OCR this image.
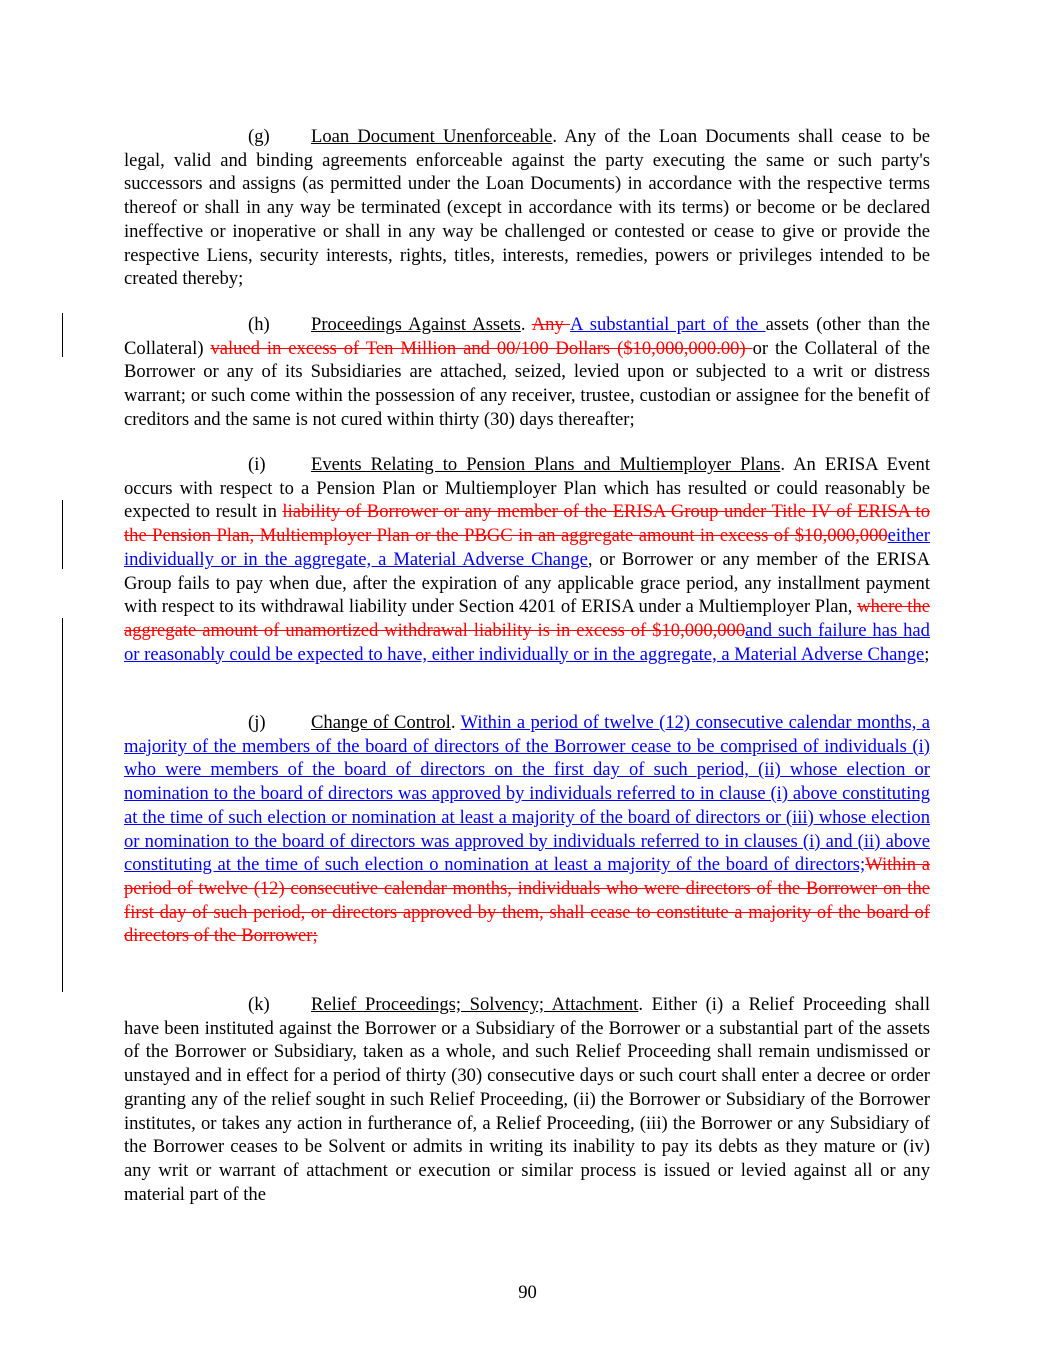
(g) Loan Document Unenforceable. Any of the Loan Documents shall cease to be legal, valid and binding agreements enforceable against the party executing the same or such party's successors and assigns (as permitted under the Loan Documents) in accordance with the respective terms thereof or shall in any way be terminated (except in accordance with its terms) or become or be declared ineffective or inoperative or shall in any way be challenged or contested or cease to give or provide the respective Liens, security interests, rights, titles, interests, remedies, powers or privileges intended to be created thereby;

(h) Proceedings Against Assets. Any A substantial part of the assets (other than the Collateral) valued in excess of Ten Million and 00/100 Dollars ($10,000,000.00) or the Collateral of the Borrower or any of its Subsidiaries are attached, seized, levied upon or subjected to a writ or distress warrant; or such come within the possession of any receiver, trustee, custodian or assignee for the benefit of creditors and the same is not cured within thirty (30) days thereafter;

(i) Events Relating to Pension Plans and Multiemployer Plans. An ERISA Event occurs with respect to a Pension Plan or Multiemployer Plan which has resulted or could reasonably be expected to result in liability of Borrower or any member of the ERISA Group under Title IV of ERISA to the Pension Plan, Multiemployer Plan or the PBGC in an aggregate amount in excess of $10,000,000either individually or in the aggregate, a Material Adverse Change, or Borrower or any member of the ERISA Group fails to pay when due, after the expiration of any applicable grace period, any installment payment with respect to its withdrawal liability under Section 4201 of ERISA under a Multiemployer Plan, where the aggregate amount of unamortized withdrawal liability is in excess of $10,000,000and such failure has had or reasonably could be expected to have, either individually or in the aggregate, a Material Adverse Change;

(j) Change of Control. Within a period of twelve (12) consecutive calendar months, a majority of the members of the board of directors of the Borrower cease to be comprised of individuals (i) who were members of the board of directors on the first day of such period, (ii) whose election or nomination to the board of directors was approved by individuals referred to in clause (i) above constituting at the time of such election or nomination at least a majority of the board of directors or (iii) whose election or nomination to the board of directors was approved by individuals referred to in clauses (i) and (ii) above constituting at the time of such election o nomination at least a majority of the board of directors;Within a period of twelve (12) consecutive calendar months, individuals who were directors of the Borrower on the first day of such period, or directors approved by them, shall cease to constitute a majority of the board of directors of the Borrower;

(k) Relief Proceedings; Solvency; Attachment. Either (i) a Relief Proceeding shall have been instituted against the Borrower or a Subsidiary of the Borrower or a substantial part of the assets of the Borrower or Subsidiary, taken as a whole, and such Relief Proceeding shall remain undismissed or unstayed and in effect for a period of thirty (30) consecutive days or such court shall enter a decree or order granting any of the relief sought in such Relief Proceeding, (ii) the Borrower or Subsidiary of the Borrower institutes, or takes any action in furtherance of, a Relief Proceeding, (iii) the Borrower or any Subsidiary of the Borrower ceases to be Solvent or admits in writing its inability to pay its debts as they mature or (iv) any writ or warrant of attachment or execution or similar process is issued or levied against all or any material part of the

90
